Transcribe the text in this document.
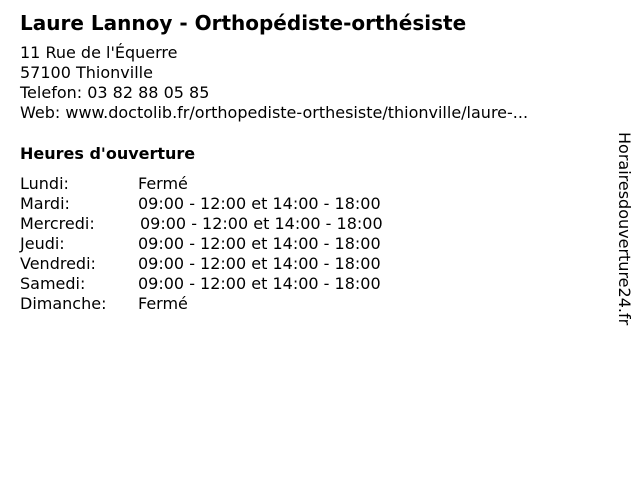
Laure Lannoy - Orthopédiste-orthésiste
11 Rue de l'Équerre
57100 Thionville
Telefon: 03 82 88 05 85
Web: www.doctolib.fr/orthopediste-orthesiste/thionville/laure-...
Heures d'ouverture
Lundi:	Fermé
Mardi:	09:00 - 12:00 et 14:00 - 18:00
Mercredi:	09:00 - 12:00 et 14:00 - 18:00
Jeudi:	09:00 - 12:00 et 14:00 - 18:00
Vendredi:	09:00 - 12:00 et 14:00 - 18:00
Samedi:	09:00 - 12:00 et 14:00 - 18:00
Dimanche: Fermé	Horairesdouverture24.fr
